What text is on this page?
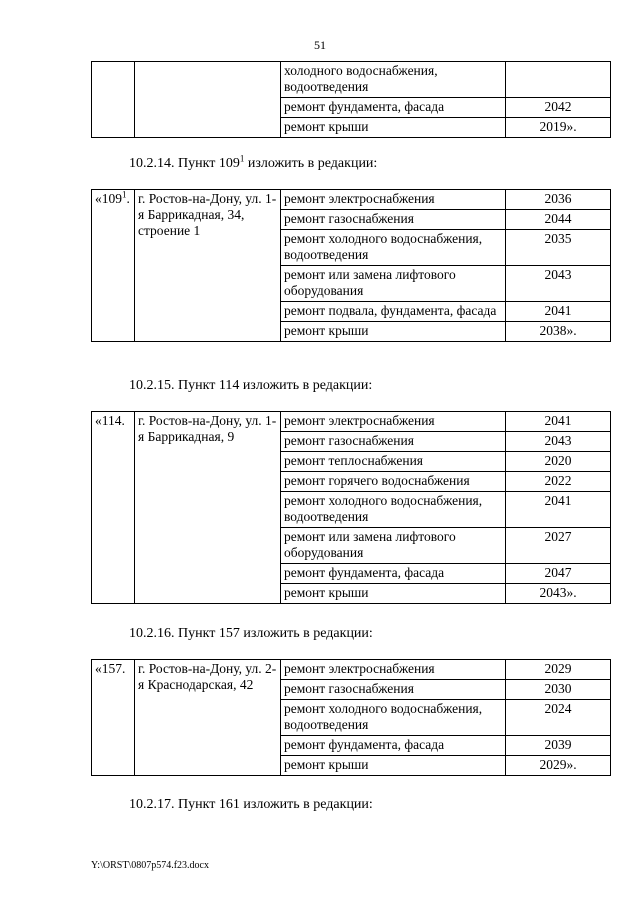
51
		холодного водоснабжения, водоотведения	
		ремонт фундамента, фасада	2042
		ремонт крыши	2019».
10.2.14. Пункт $109^1$ изложить в редакции:
«$109^1$.	г. Ростов-на-Дону, ул. 1-я Баррикадная, 34, строение 1	ремонт электроснабжения	2036
		ремонт газоснабжения	2044
		ремонт холодного водоснабжения, водоотведения	2035
		ремонт или замена лифтового оборудования	2043
		ремонт подвала, фундамента, фасада	2041
		ремонт крыши	2038».
10.2.15. Пункт 114 изложить в редакции:
«114.	г. Ростов-на-Дону, ул. 1-я Баррикадная, 9	ремонт электроснабжения	2041
		ремонт газоснабжения	2043
		ремонт теплоснабжения	2020
		ремонт горячего водоснабжения	2022
		ремонт холодного водоснабжения, водоотведения	2041
		ремонт или замена лифтового оборудования	2027
		ремонт фундамента, фасада	2047
		ремонт крыши	2043».
10.2.16. Пункт 157 изложить в редакции:
«157.	г. Ростов-на-Дону, ул. 2-я Краснодарская, 42	ремонт электроснабжения	2029
		ремонт газоснабжения	2030
		ремонт холодного водоснабжения, водоотведения	2024
		ремонт фундамента, фасада	2039
		ремонт крыши	2029».
10.2.17. Пункт 161 изложить в редакции:
Y:\ORST\0807p574.f23.docx
